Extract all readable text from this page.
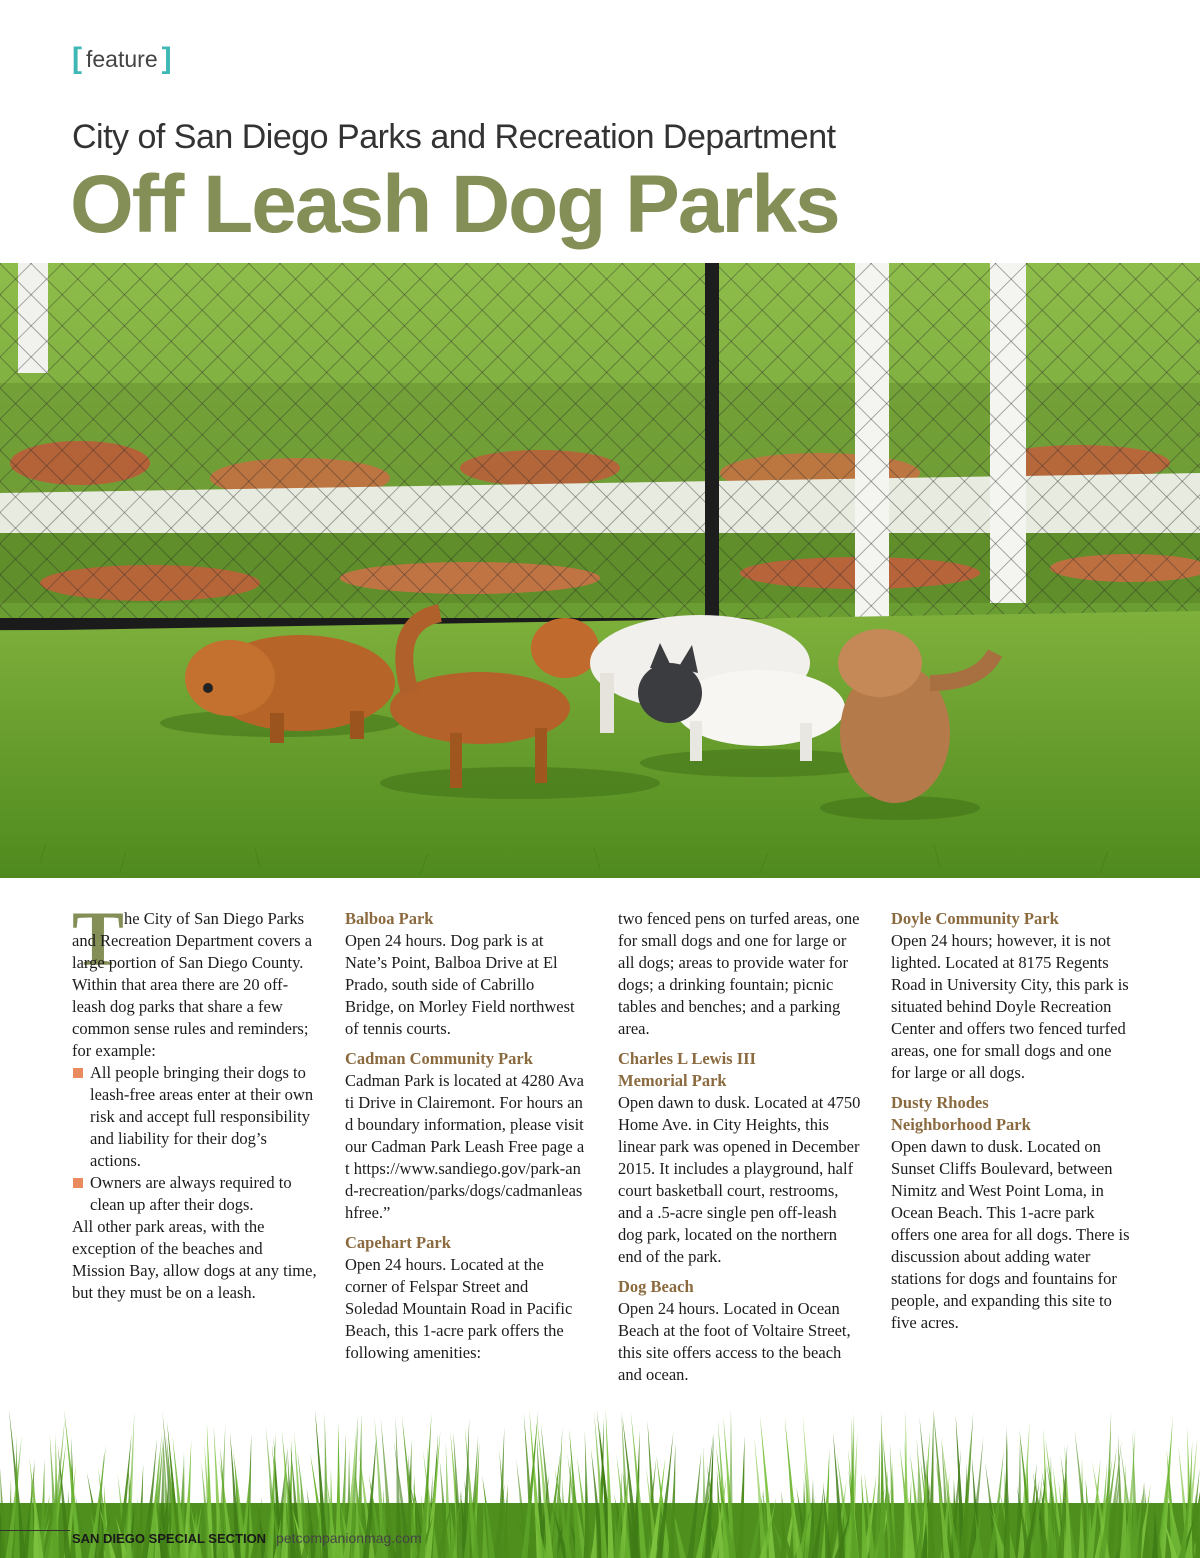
[ feature ]
City of San Diego Parks and Recreation Department
Off Leash Dog Parks
T he City of San Diego Parks and Recreation Department covers a large portion of San Diego County. Within that area there are 20 off-leash dog parks that share a few common sense rules and reminders; for example:

All people bringing their dogs to leash-free areas enter at their own risk and accept full responsibility and liability for their dog’s actions.
Owners are always required to clean up after their dogs.

All other park areas, with the exception of the beaches and Mission Bay, allow dogs at any time, but they must be on a leash.

Balboa Park

Open 24 hours. Dog park is at Nate’s Point, Balboa Drive at El Prado, south side of Cabrillo Bridge, on Morley Field northwest of tennis courts.

Cadman Community Park

Cadman Park is located at 4280 Avati Drive in Clairemont. For hours and boundary information, please visit our Cadman Park Leash Free page at https://www.sandiego.gov/park-and-recreation/parks/dogs/cadmanleashfree.”

Capehart Park

Open 24 hours. Located at the corner of Felspar Street and Soledad Mountain Road in Pacific Beach, this 1-acre park offers the following amenities:

two fenced pens on turfed areas, one for small dogs and one for large or all dogs; areas to provide water for dogs; a drinking fountain; picnic tables and benches; and a parking area.

Charles L Lewis III Memorial Park

Open dawn to dusk. Located at 4750 Home Ave. in City Heights, this linear park was opened in December 2015. It includes a playground, half court basketball court, restrooms, and a .5-acre single pen off-leash dog park, located on the northern end of the park.

Dog Beach

Open 24 hours. Located in Ocean Beach at the foot of Voltaire Street, this site offers access to the beach and ocean.

Doyle Community Park

Open 24 hours; however, it is not lighted. Located at 8175 Regents Road in University City, this park is situated behind Doyle Recreation Center and offers two fenced turfed areas, one for small dogs and one for large or all dogs.

Dusty Rhodes Neighborhood Park

Open dawn to dusk. Located on Sunset Cliffs Boulevard, between Nimitz and West Point Loma, in Ocean Beach. This 1-acre park offers one area for all dogs. There is discussion about adding water stations for dogs and fountains for people, and expanding this site to five acres.

SAN DIEGO SPECIAL SECTION petcompanionmag.com
